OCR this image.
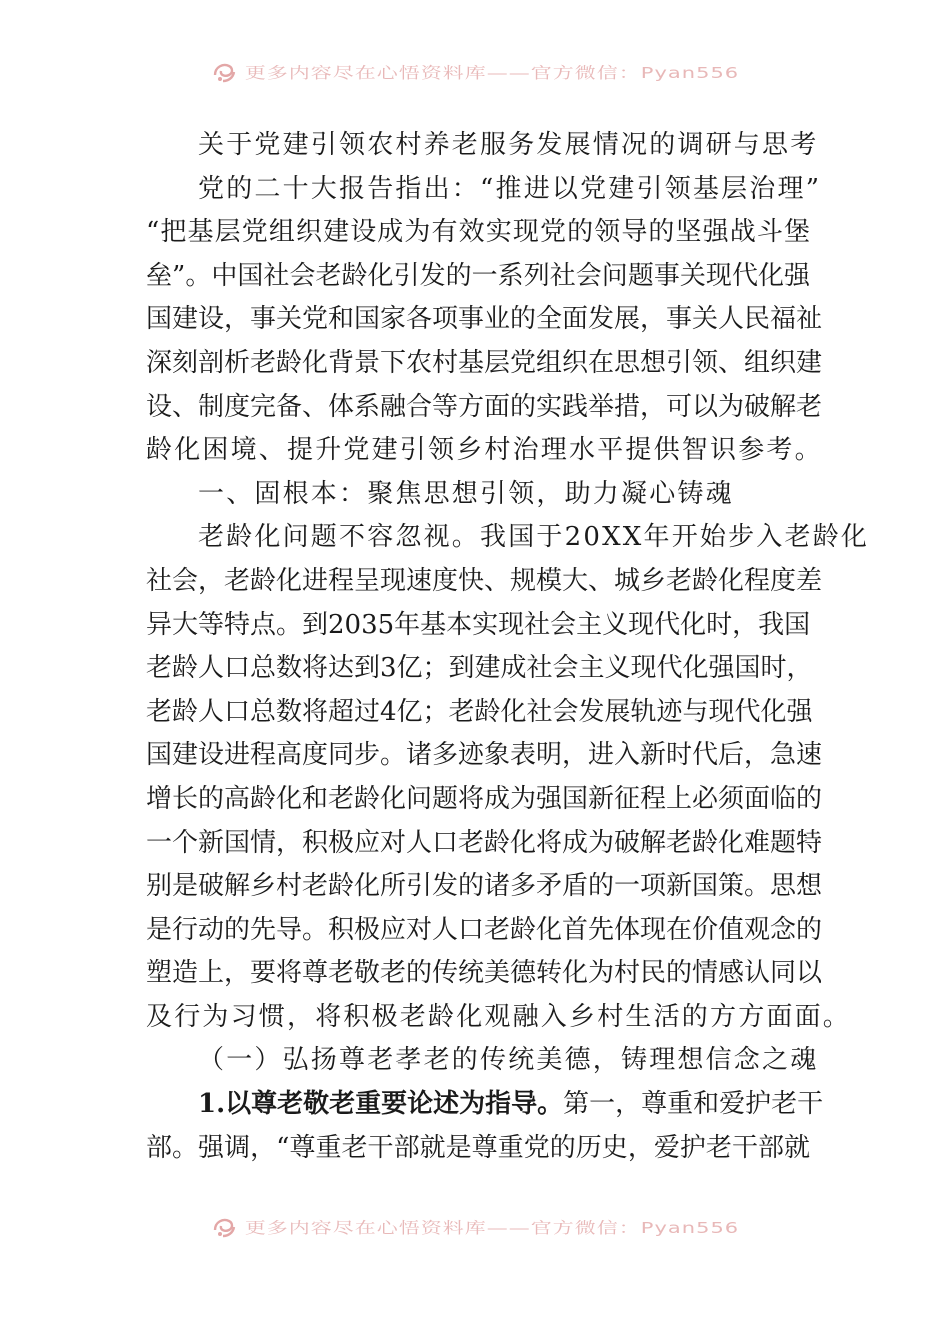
更多内容尽在心悟资料库——官方微信：Pyan556
关于党建引领农村养老服务发展情况的调研与思考
党的二十大报告指出：“推进以党建引领基层治理”
“把基层党组织建设成为有效实现党的领导的坚强战斗堡
垒”。中国社会老龄化引发的一系列社会问题事关现代化强
国建设，事关党和国家各项事业的全面发展，事关人民福祉
深刻剖析老龄化背景下农村基层党组织在思想引领、组织建
设、制度完备、体系融合等方面的实践举措，可以为破解老
龄化困境、提升党建引领乡村治理水平提供智识参考。
一、固根本：聚焦思想引领，助力凝心铸魂
老龄化问题不容忽视。我国于20XX年开始步入老龄化
社会，老龄化进程呈现速度快、规模大、城乡老龄化程度差
异大等特点。到2035年基本实现社会主义现代化时，我国
老龄人口总数将达到3亿；到建成社会主义现代化强国时，
老龄人口总数将超过4亿；老龄化社会发展轨迹与现代化强
国建设进程高度同步。诸多迹象表明，进入新时代后，急速
增长的高龄化和老龄化问题将成为强国新征程上必须面临的
一个新国情，积极应对人口老龄化将成为破解老龄化难题特
别是破解乡村老龄化所引发的诸多矛盾的一项新国策。思想
是行动的先导。积极应对人口老龄化首先体现在价值观念的
塑造上，要将尊老敬老的传统美德转化为村民的情感认同以
及行为习惯，将积极老龄化观融入乡村生活的方方面面。
（一）弘扬尊老孝老的传统美德，铸理想信念之魂
1.以尊老敬老重要论述为指导。第一，尊重和爱护老干
部。强调，“尊重老干部就是尊重党的历史，爱护老干部就
更多内容尽在心悟资料库——官方微信：Pyan556
